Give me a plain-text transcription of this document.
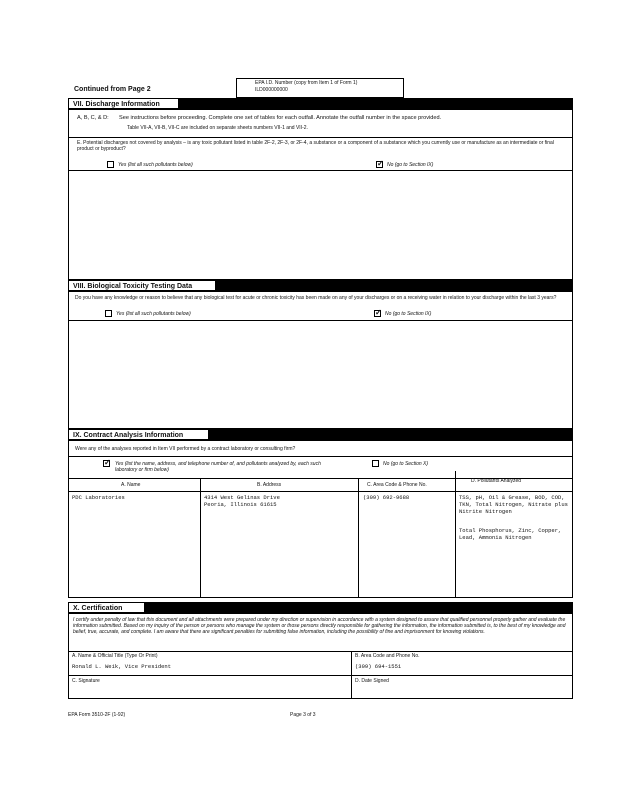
Continued from Page 2
EPA I.D. Number (copy from Item 1 of Form 1)
ILD000000000
VII. Discharge Information
A, B, C, & D: See instructions before proceeding. Complete one set of tables for each outfall. Annotate the outfall number in the space provided.
Table VII-A, VII-B, VII-C are included on separate sheets numbers VII-1 and VII-2.
E. Potential discharges not covered by analysis – is any toxic pollutant listed in table 2F-2, 2F-3, or 2F-4, a substance or a component of a substance which you currently use or manufacture as an intermediate or final product or byproduct?
Yes (list all such pollutants below) ✓	No (go to Section IX)
VIII. Biological Toxicity Testing Data
Do you have any knowledge or reason to believe that any biological test for acute or chronic toxicity has been made on any of your discharges or on a receiving water in relation to your discharge within the last 3 years?
Yes (list all such pollutants below) ✓	No (go to Section IX)
IX. Contract Analysis Information
Were any of the analyses reported in Item VII performed by a contract laboratory or consulting firm?
✓
Yes (list the name, address, and telephone number of, and pollutants analyzed by, each such laboratory or firm below)
No (go to Section X)
A. Name	B. Address	C. Area Code & Phone No.
D. Pollutants Analyzed
PDC Laboratories	4314 West Gelinas Drive
Peoria, Illinois 61615
(309) 692-9688	TSS, pH, Oil & Grease, BOD, COD, TKN, Total Nitrogen, Nitrate plus Nitrite Nitrogen
Total Phosphorus, Zinc, Copper, Lead, Ammonia Nitrogen
X. Certification
I certify under penalty of law that this document and all attachments were prepared under my direction or supervision in accordance with a system designed to assure that qualified personnel properly gather and evaluate the information submitted. Based on my inquiry of the person or persons who manage the system or those persons directly responsible for gathering the information, the information submitted is, to the best of my knowledge and belief, true, accurate, and complete. I am aware that there are significant penalties for submitting false information, including the possibility of fine and imprisonment for knowing violations.
A. Name & Official Title (Type Or Print)
Ronald L. Weik, Vice President
B. Area Code and Phone No.
(309) 694-1551
C. Signature	D. Date Signed
EPA Form 3510-2F (1-92)	Page 3 of 3
